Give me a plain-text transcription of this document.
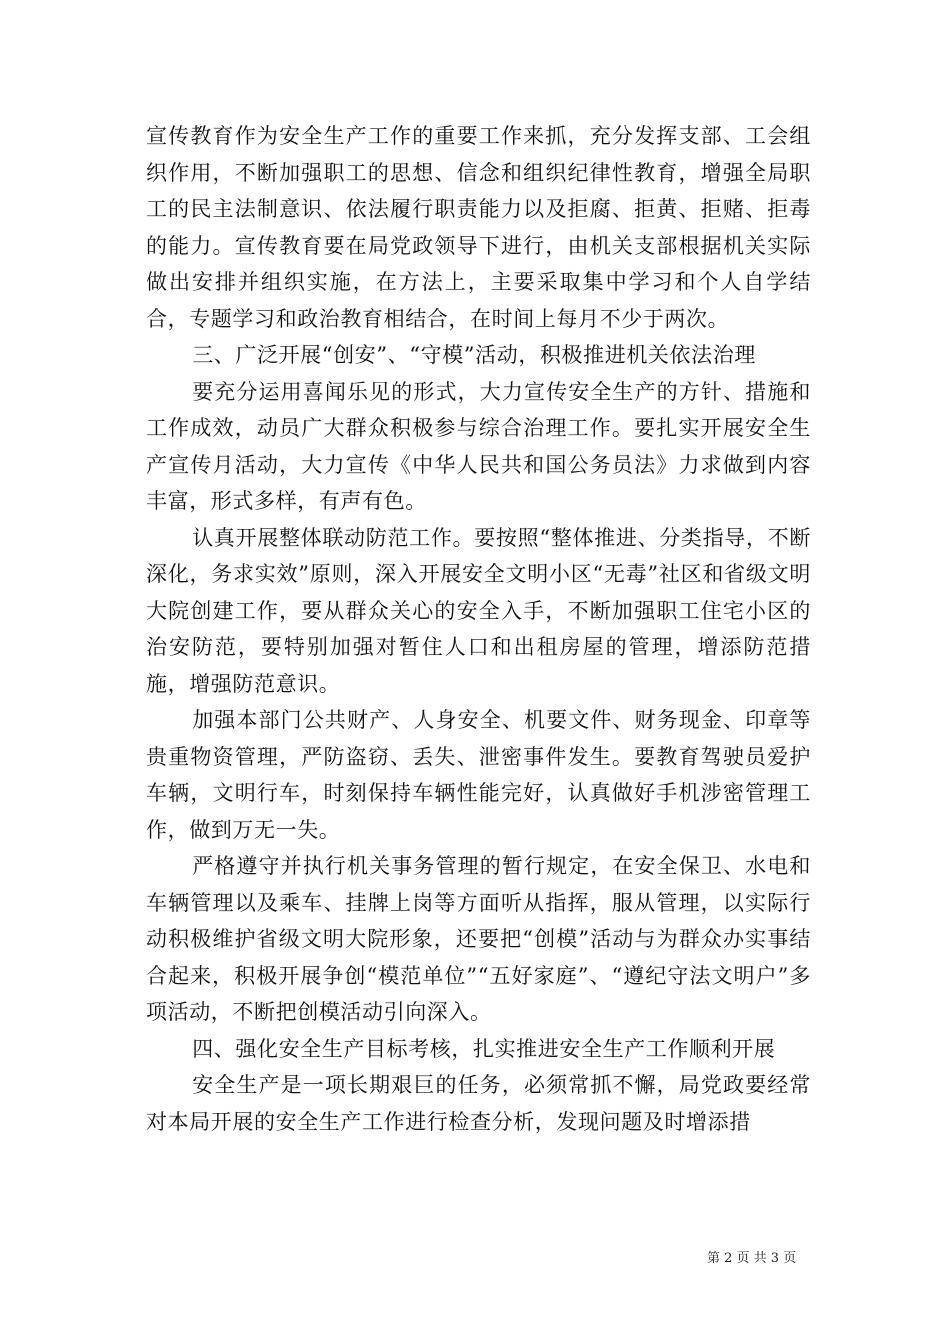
宣传教育作为安全生产工作的重要工作来抓，充分发挥支部、工会组织作用，不断加强职工的思想、信念和组织纪律性教育，增强全局职工的民主法制意识、依法履行职责能力以及拒腐、拒黄、拒赌、拒毒的能力。宣传教育要在局党政领导下进行，由机关支部根据机关实际做出安排并组织实施，在方法上，主要采取集中学习和个人自学结合，专题学习和政治教育相结合，在时间上每月不少于两次。

三、广泛开展“创安”、“守模”活动，积极推进机关依法治理

要充分运用喜闻乐见的形式，大力宣传安全生产的方针、措施和工作成效，动员广大群众积极参与综合治理工作。要扎实开展安全生产宣传月活动，大力宣传《中华人民共和国公务员法》力求做到内容丰富，形式多样，有声有色。

认真开展整体联动防范工作。要按照“整体推进、分类指导，不断深化，务求实效”原则，深入开展安全文明小区“无毒”社区和省级文明大院创建工作，要从群众关心的安全入手，不断加强职工住宅小区的治安防范，要特别加强对暂住人口和出租房屋的管理，增添防范措施，增强防范意识。

加强本部门公共财产、人身安全、机要文件、财务现金、印章等贵重物资管理，严防盗窃、丢失、泄密事件发生。要教育驾驶员爱护车辆，文明行车，时刻保持车辆性能完好，认真做好手机涉密管理工作，做到万无一失。

严格遵守并执行机关事务管理的暂行规定，在安全保卫、水电和车辆管理以及乘车、挂牌上岗等方面听从指挥，服从管理，以实际行动积极维护省级文明大院形象，还要把“创模”活动与为群众办实事结合起来，积极开展争创“模范单位”“五好家庭”、“遵纪守法文明户”多项活动，不断把创模活动引向深入。

四、强化安全生产目标考核，扎实推进安全生产工作顺利开展

安全生产是一项长期艰巨的任务，必须常抓不懈，局党政要经常对本局开展的安全生产工作进行检查分析，发现问题及时增添措

第 2 页 共 3 页
